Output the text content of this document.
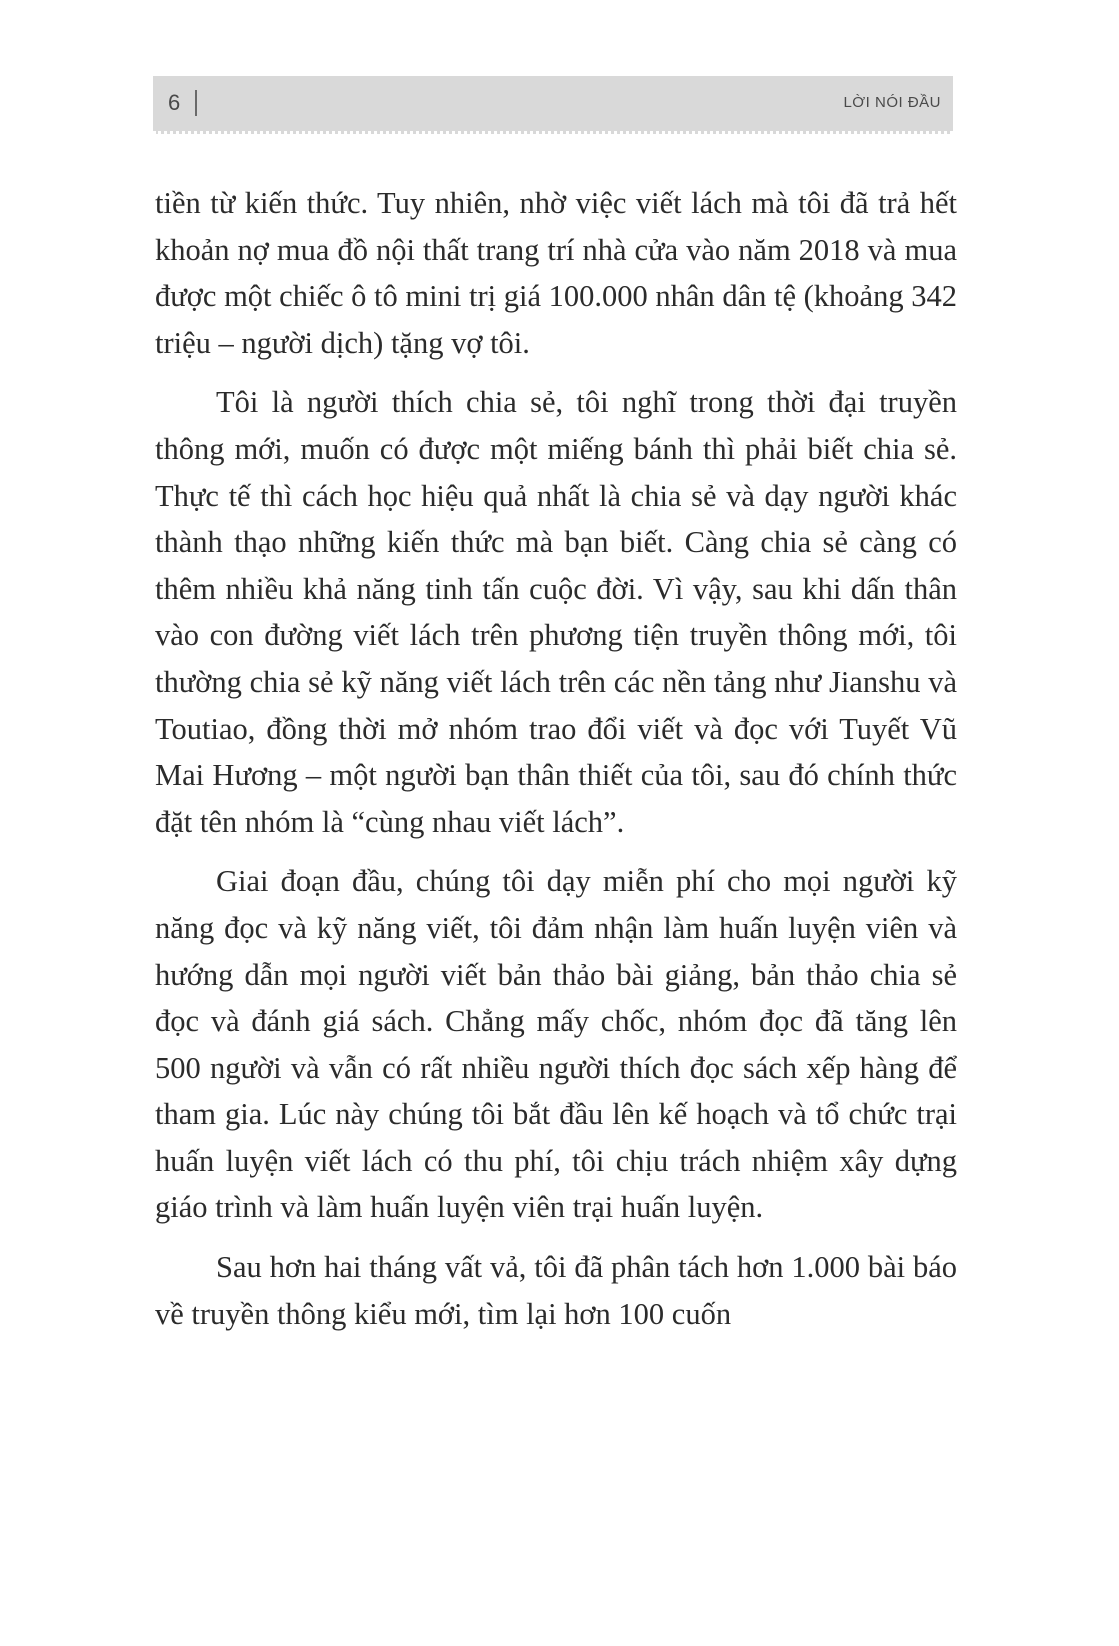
6	LỜI NÓI ĐẦU

tiền từ kiến thức. Tuy nhiên, nhờ việc viết lách mà tôi đã trả hết khoản nợ mua đồ nội thất trang trí nhà cửa vào năm 2018 và mua được một chiếc ô tô mini trị giá 100.000 nhân dân tệ (khoảng 342 triệu – người dịch) tặng vợ tôi.

Tôi là người thích chia sẻ, tôi nghĩ trong thời đại truyền thông mới, muốn có được một miếng bánh thì phải biết chia sẻ. Thực tế thì cách học hiệu quả nhất là chia sẻ và dạy người khác thành thạo những kiến thức mà bạn biết. Càng chia sẻ càng có thêm nhiều khả năng tinh tấn cuộc đời. Vì vậy, sau khi dấn thân vào con đường viết lách trên phương tiện truyền thông mới, tôi thường chia sẻ kỹ năng viết lách trên các nền tảng như Jianshu và Toutiao, đồng thời mở nhóm trao đổi viết và đọc với Tuyết Vũ Mai Hương – một người bạn thân thiết của tôi, sau đó chính thức đặt tên nhóm là “cùng nhau viết lách”.

Giai đoạn đầu, chúng tôi dạy miễn phí cho mọi người kỹ năng đọc và kỹ năng viết, tôi đảm nhận làm huấn luyện viên và hướng dẫn mọi người viết bản thảo bài giảng, bản thảo chia sẻ đọc và đánh giá sách. Chẳng mấy chốc, nhóm đọc đã tăng lên 500 người và vẫn có rất nhiều người thích đọc sách xếp hàng để tham gia. Lúc này chúng tôi bắt đầu lên kế hoạch và tổ chức trại huấn luyện viết lách có thu phí, tôi chịu trách nhiệm xây dựng giáo trình và làm huấn luyện viên trại huấn luyện.

Sau hơn hai tháng vất vả, tôi đã phân tách hơn 1.000 bài báo về truyền thông kiểu mới, tìm lại hơn 100 cuốn
